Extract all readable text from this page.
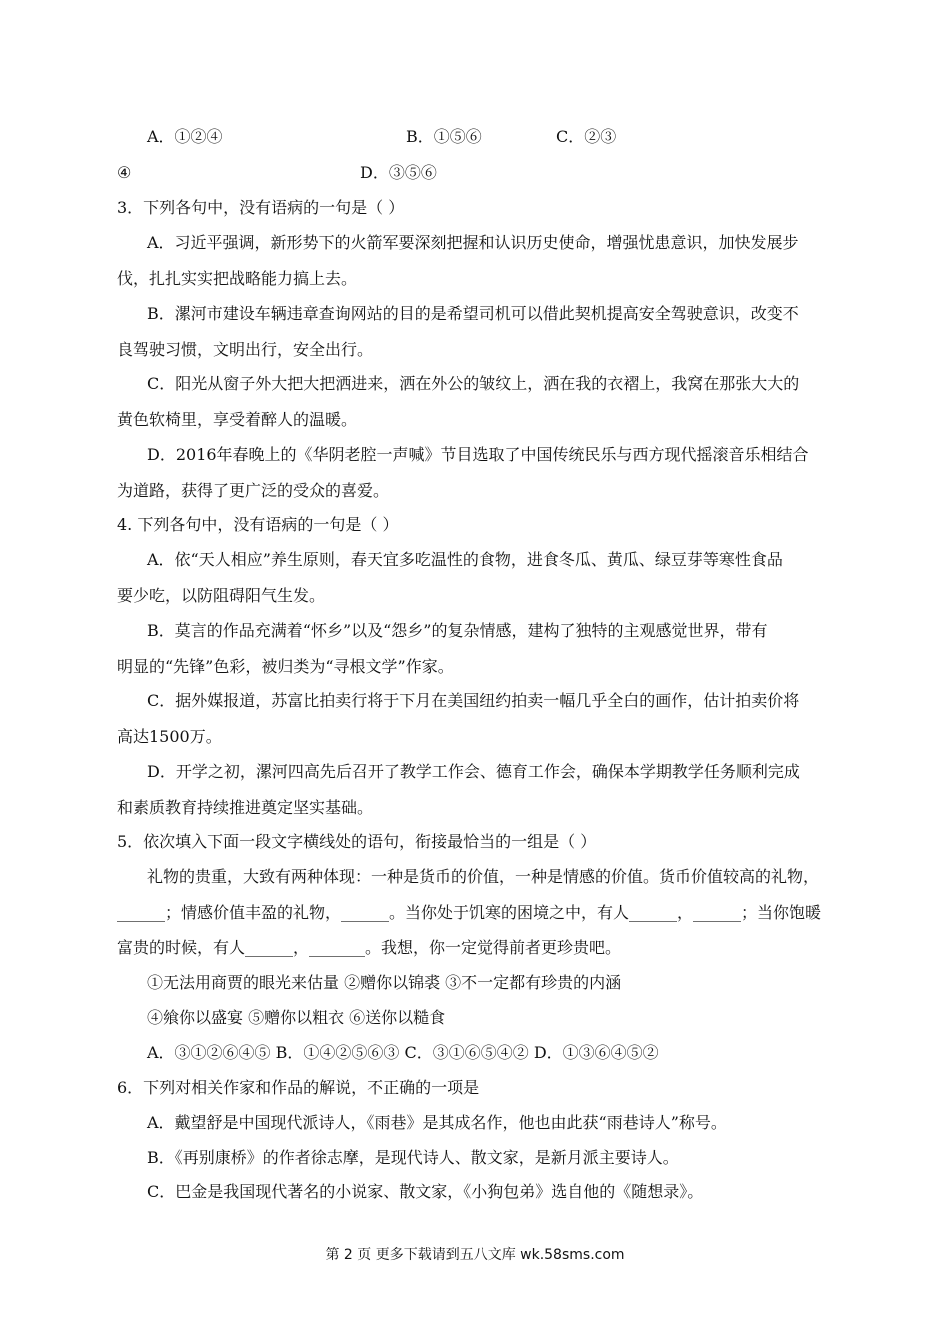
A．①②④	B．①⑤⑥	C．②③
④	D．③⑤⑥
3．下列各句中，没有语病的一句是（ ）
A．习近平强调，新形势下的火箭军要深刻把握和认识历史使命，增强忧患意识，加快发展步
伐，扎扎实实把战略能力搞上去。
B．漯河市建设车辆违章查询网站的目的是希望司机可以借此契机提高安全驾驶意识，改变不
良驾驶习惯，文明出行，安全出行。
C．阳光从窗子外大把大把洒进来，洒在外公的皱纹上，洒在我的衣褶上，我窝在那张大大的
黄色软椅里，享受着醉人的温暖。
D．2016年春晚上的《华阴老腔一声喊》节目选取了中国传统民乐与西方现代摇滚音乐相结合
为道路，获得了更广泛的受众的喜爱。
4. 下列各句中，没有语病的一句是（ ）
A．依“天人相应”养生原则，春天宜多吃温性的食物，进食冬瓜、黄瓜、绿豆芽等寒性食品
要少吃，以防阻碍阳气生发。
B．莫言的作品充满着“怀乡”以及“怨乡”的复杂情感，建构了独特的主观感觉世界，带有
明显的“先锋”色彩，被归类为“寻根文学”作家。
C．据外媒报道，苏富比拍卖行将于下月在美国纽约拍卖一幅几乎全白的画作，估计拍卖价将
高达1500万。
D．开学之初，漯河四高先后召开了教学工作会、德育工作会，确保本学期教学任务顺利完成
和素质教育持续推进奠定坚实基础。
5．依次填入下面一段文字横线处的语句，衔接最恰当的一组是（ ）
礼物的贵重，大致有两种体现：一种是货币的价值，一种是情感的价值。货币价值较高的礼物，
______；情感价值丰盈的礼物，______。当你处于饥寒的困境之中，有人______，______；当你饱暖
富贵的时候，有人______，_______。我想，你一定觉得前者更珍贵吧。
①无法用商贾的眼光来估量 ②赠你以锦裘 ③不一定都有珍贵的内涵
④飨你以盛宴 ⑤赠你以粗衣 ⑥送你以糙食
A．③①②⑥④⑤ B．①④②⑤⑥③ C．③①⑥⑤④② D．①③⑥④⑤②
6．下列对相关作家和作品的解说，不正确的一项是
A．戴望舒是中国现代派诗人，《雨巷》是其成名作，他也由此获“雨巷诗人”称号。
B．《再别康桥》的作者徐志摩，是现代诗人、散文家，是新月派主要诗人。
C．巴金是我国现代著名的小说家、散文家，《小狗包弟》选自他的《随想录》。
第 2 页 更多下载请到五八文库 wk.58sms.com
